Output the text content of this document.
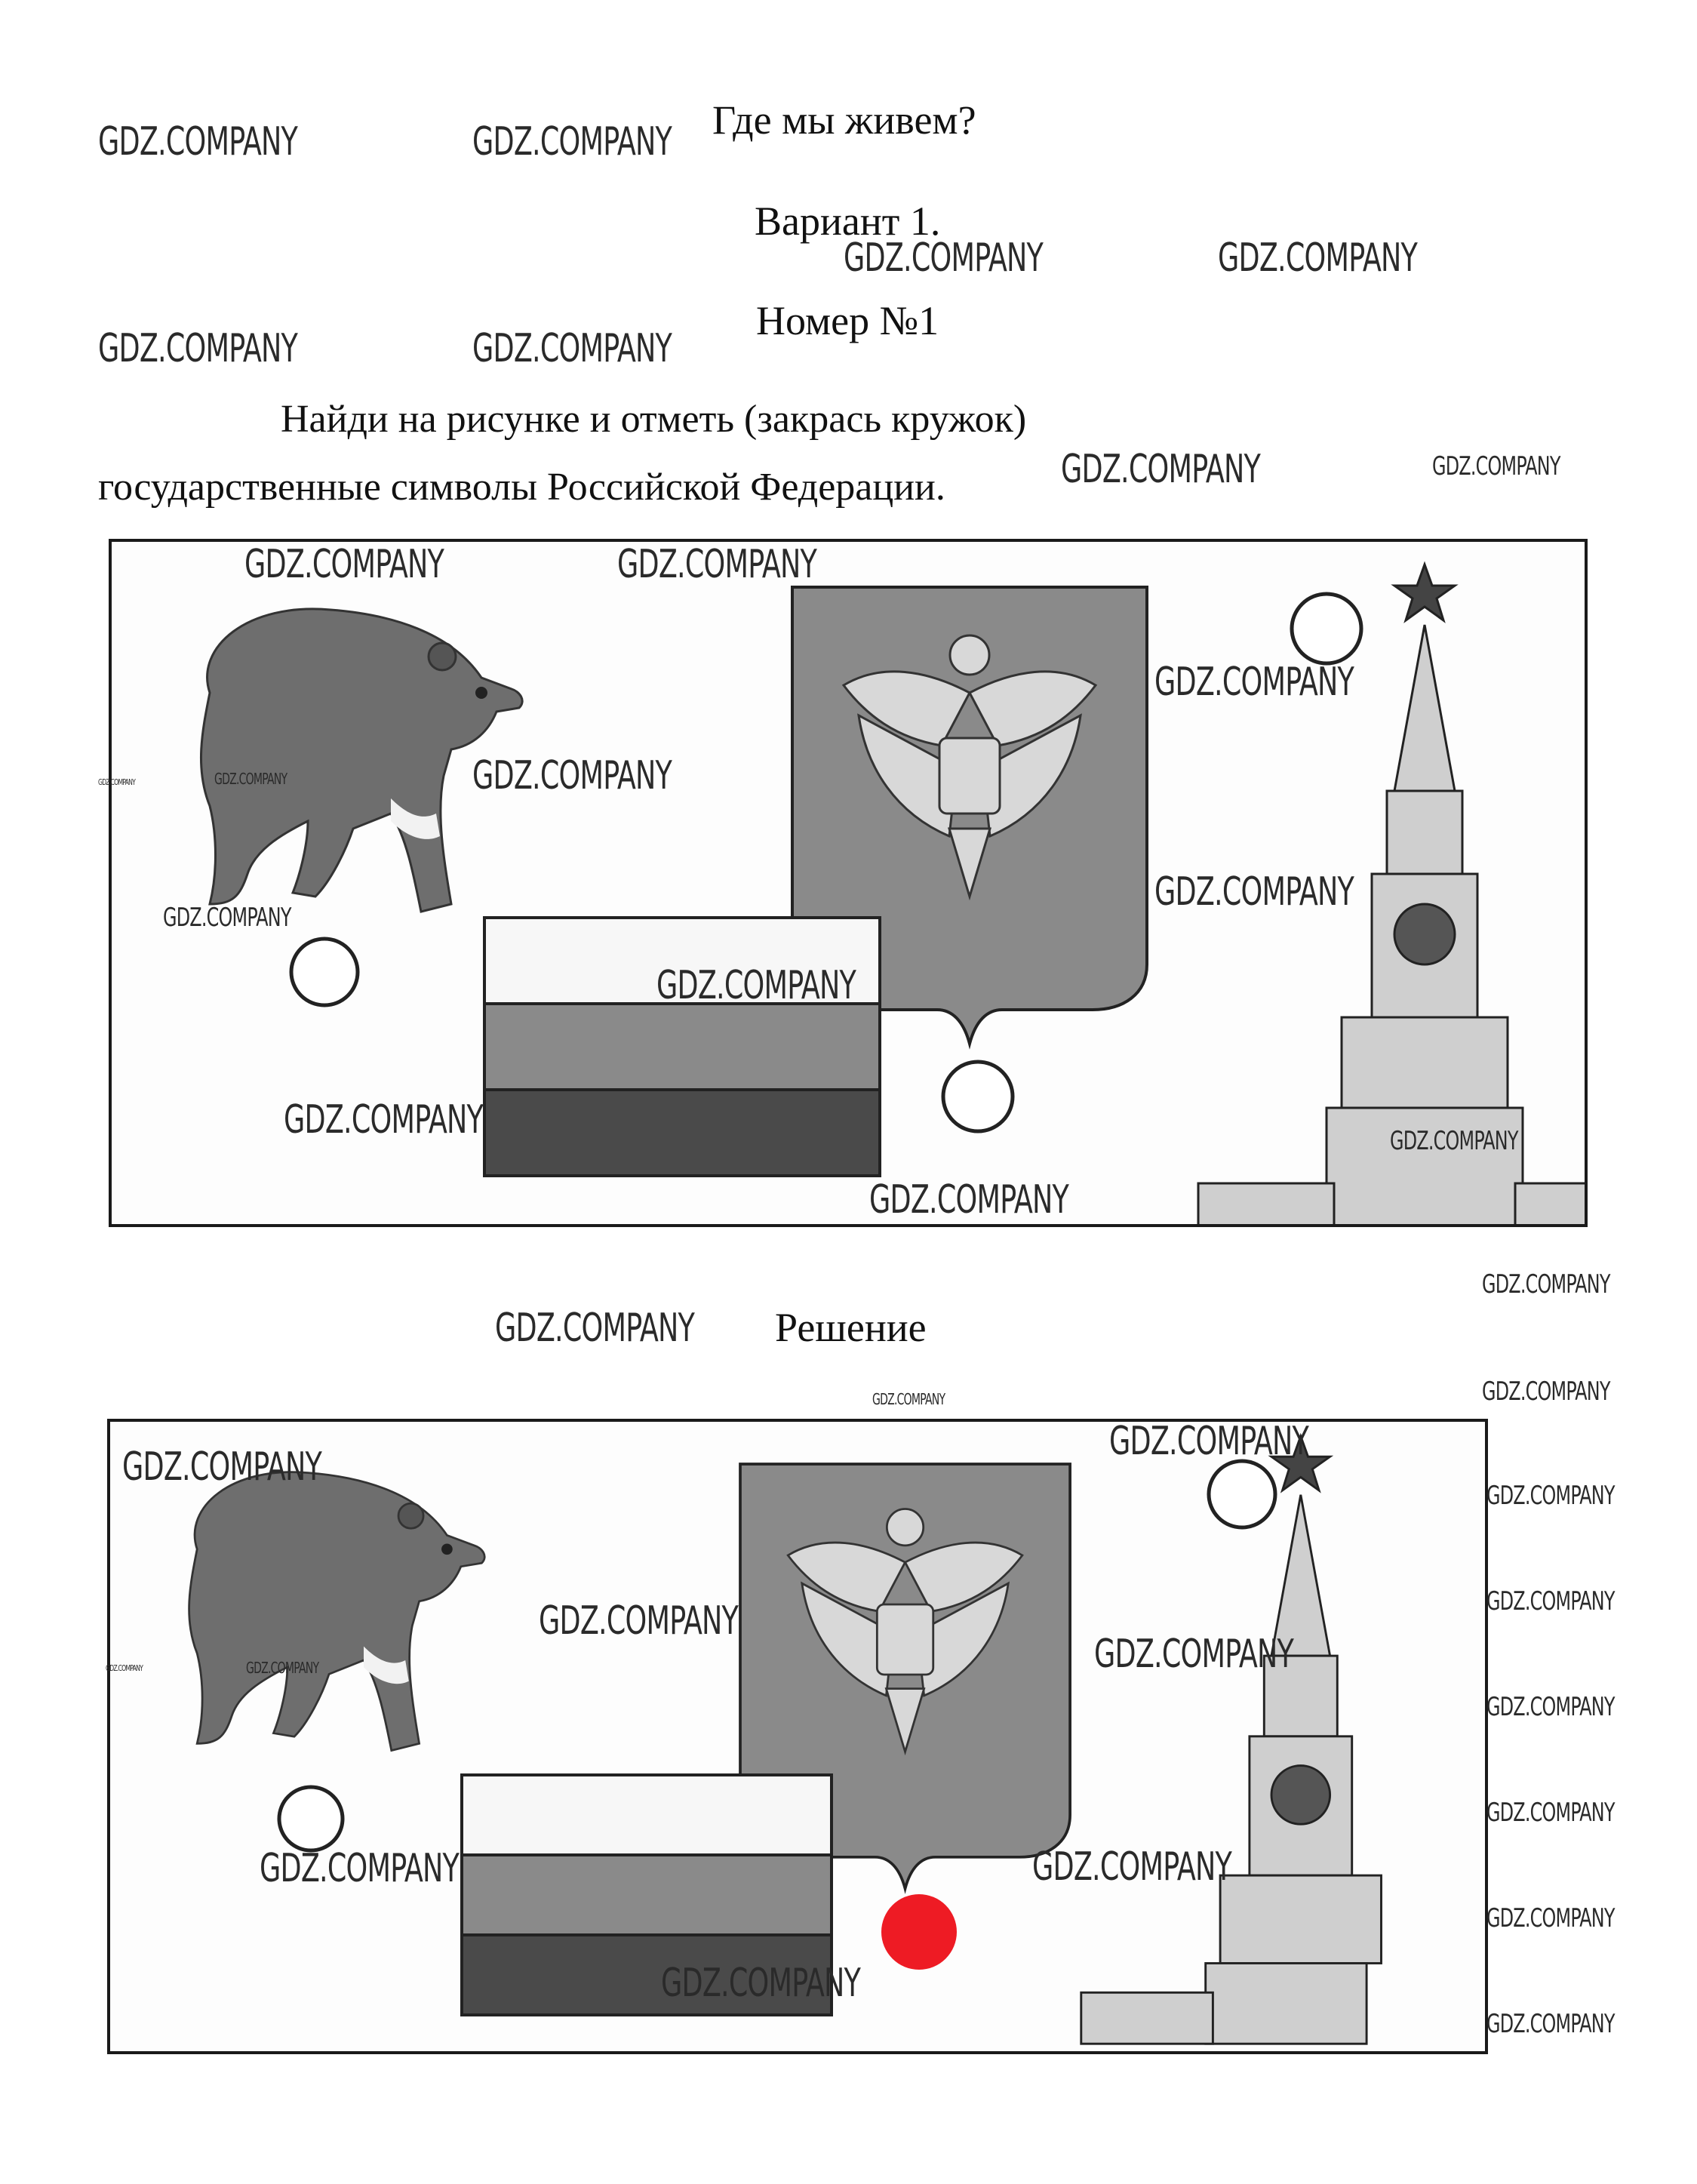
Где мы живем?
Вариант 1.
Номер №1
Найди на рисунке и отметь (закрась кружок)
государственные символы Российской Федерации.
Решение
GDZ.COMPANY	GDZ.COMPANY
GDZ.COMPANY	GDZ.COMPANY
GDZ.COMPANY	GDZ.COMPANY
GDZ.COMPANY	GDZ.COMPANY
GDZ.COMPANY	GDZ.COMPANY
GDZ.COMPANY
GDZ.COMPANY
GDZ.COMPANY
GDZ.COMPANY
GDZ.COMPANY
GDZ.COMPANY
GDZ.COMPANY
GDZ.COMPANY	GDZ.COMPANY
GDZ.COMPANY
GDZ.COMPANY
GDZ.COMPANY
GDZ.COMPANY
GDZ.COMPANY
GDZ.COMPANY
GDZ.COMPANY
GDZ.COMPANY
GDZ.COMPANY
GDZ.COMPANY
GDZ.COMPANY
GDZ.COMPANY
GDZ.COMPANY
GDZ.COMPANY
GDZ.COMPANY
GDZ.COMPANY	GDZ.COMPANY
GDZ.COMPANY
GDZ.COMPANY
GDZ.COMPANY
